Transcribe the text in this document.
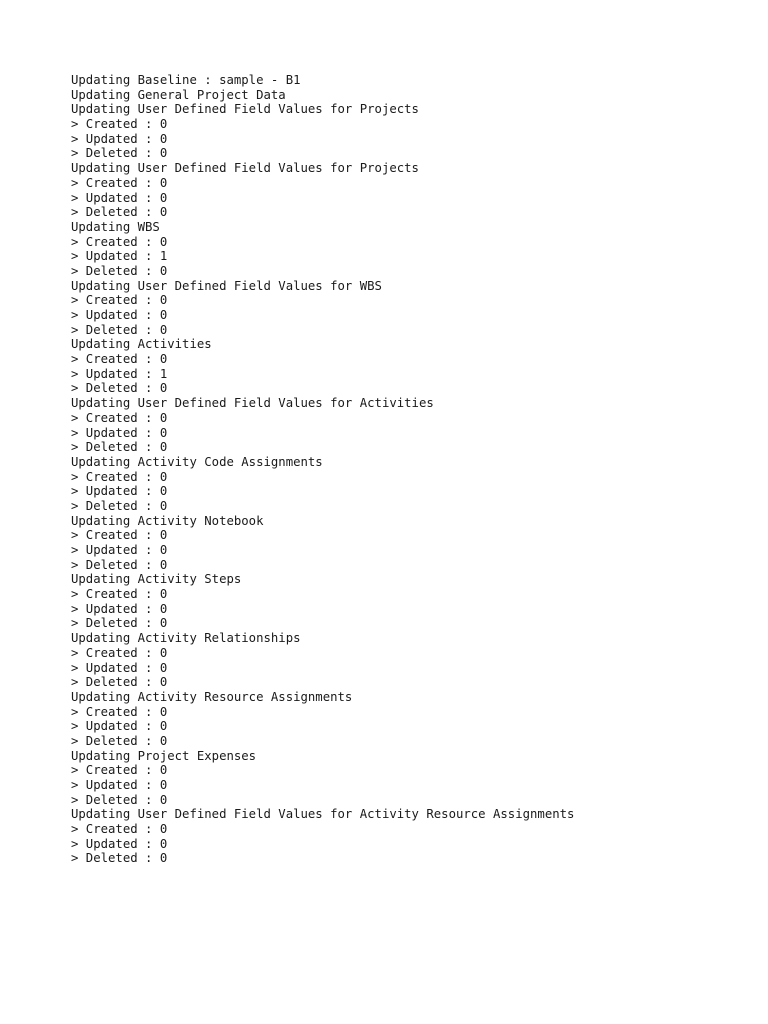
Updating Baseline : sample - B1
Updating General Project Data
Updating User Defined Field Values for Projects
> Created : 0
> Updated : 0
> Deleted : 0
Updating User Defined Field Values for Projects
> Created : 0
> Updated : 0
> Deleted : 0
Updating WBS
> Created : 0
> Updated : 1
> Deleted : 0
Updating User Defined Field Values for WBS
> Created : 0
> Updated : 0
> Deleted : 0
Updating Activities
> Created : 0
> Updated : 1
> Deleted : 0
Updating User Defined Field Values for Activities
> Created : 0
> Updated : 0
> Deleted : 0
Updating Activity Code Assignments
> Created : 0
> Updated : 0
> Deleted : 0
Updating Activity Notebook
> Created : 0
> Updated : 0
> Deleted : 0
Updating Activity Steps
> Created : 0
> Updated : 0
> Deleted : 0
Updating Activity Relationships
> Created : 0
> Updated : 0
> Deleted : 0
Updating Activity Resource Assignments
> Created : 0
> Updated : 0
> Deleted : 0
Updating Project Expenses
> Created : 0
> Updated : 0
> Deleted : 0
Updating User Defined Field Values for Activity Resource Assignments
> Created : 0
> Updated : 0
> Deleted : 0
